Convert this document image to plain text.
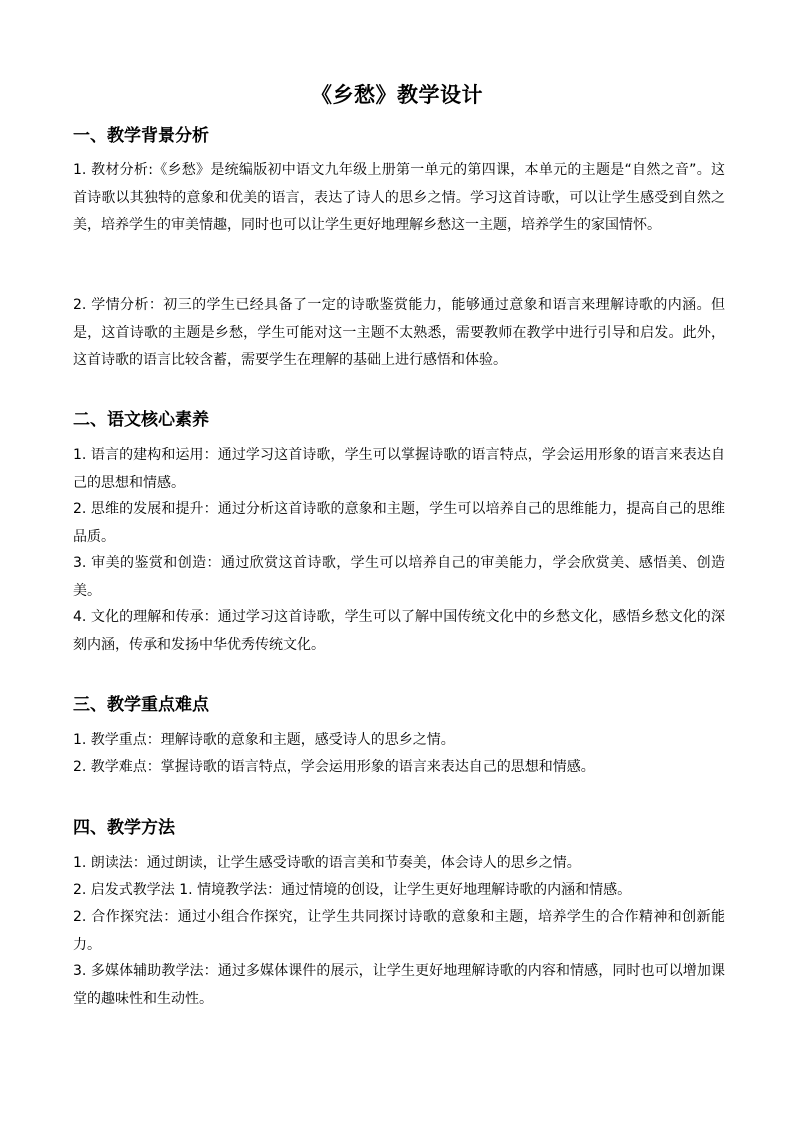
《乡愁》教学设计
一、教学背景分析

1. 教材分析:《乡愁》是统编版初中语文九年级上册第一单元的第四课，本单元的主题是“自然之音”。这首诗歌以其独特的意象和优美的语言，表达了诗人的思乡之情。学习这首诗歌，可以让学生感受到自然之美，培养学生的审美情趣，同时也可以让学生更好地理解乡愁这一主题，培养学生的家国情怀。

2. 学情分析：初三的学生已经具备了一定的诗歌鉴赏能力，能够通过意象和语言来理解诗歌的内涵。但是，这首诗歌的主题是乡愁，学生可能对这一主题不太熟悉，需要教师在教学中进行引导和启发。此外，这首诗歌的语言比较含蓄，需要学生在理解的基础上进行感悟和体验。

二、语文核心素养

1. 语言的建构和运用：通过学习这首诗歌，学生可以掌握诗歌的语言特点，学会运用形象的语言来表达自己的思想和情感。

2. 思维的发展和提升：通过分析这首诗歌的意象和主题，学生可以培养自己的思维能力，提高自己的思维品质。

3. 审美的鉴赏和创造：通过欣赏这首诗歌，学生可以培养自己的审美能力，学会欣赏美、感悟美、创造美。

4. 文化的理解和传承：通过学习这首诗歌，学生可以了解中国传统文化中的乡愁文化，感悟乡愁文化的深刻内涵，传承和发扬中华优秀传统文化。

三、教学重点难点

1. 教学重点：理解诗歌的意象和主题，感受诗人的思乡之情。

2. 教学难点：掌握诗歌的语言特点，学会运用形象的语言来表达自己的思想和情感。

四、教学方法

1. 朗读法：通过朗读，让学生感受诗歌的语言美和节奏美，体会诗人的思乡之情。

2. 启发式教学法 1. 情境教学法：通过情境的创设，让学生更好地理解诗歌的内涵和情感。

2. 合作探究法：通过小组合作探究，让学生共同探讨诗歌的意象和主题，培养学生的合作精神和创新能力。

3. 多媒体辅助教学法：通过多媒体课件的展示，让学生更好地理解诗歌的内容和情感，同时也可以增加课堂的趣味性和生动性。
